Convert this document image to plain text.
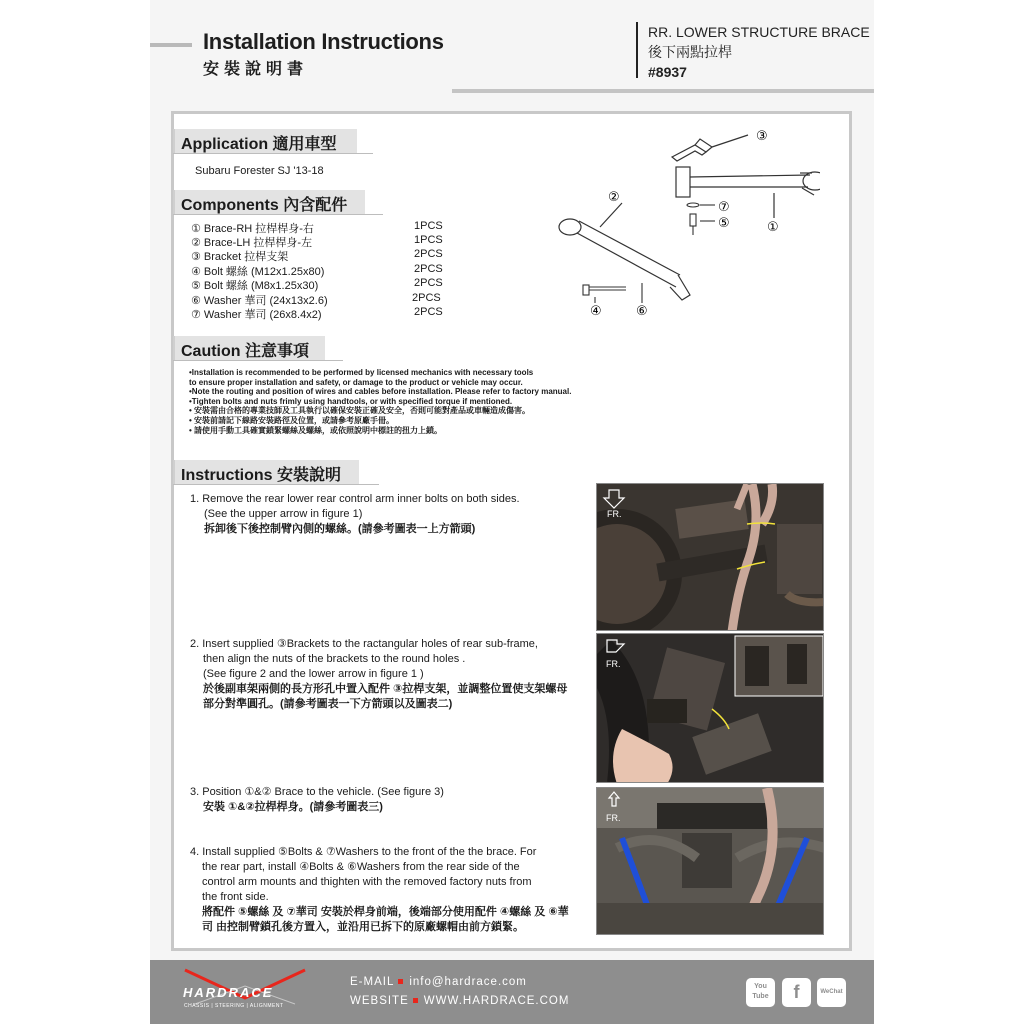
Installation Instructions
安裝說明書
RR. LOWER STRUCTURE BRACE
後下兩點拉桿
#8937
Application 適用車型
Subaru Forester SJ '13-18
Components 內含配件
① Brace-RH 拉桿桿身-右	1PCS
② Brace-LH 拉桿桿身-左	1PCS
③ Bracket 拉桿支架	2PCS
④ Bolt 螺絲 (M12x1.25x80)	2PCS
⑤ Bolt 螺絲 (M8x1.25x30)	2PCS
⑥ Washer 華司 (24x13x2.6)	2PCS
⑦ Washer 華司 (26x8.4x2)	2PCS
③
②
⑦
⑤	①
④	⑥
Caution 注意事項
•Installation is recommended to be performed by licensed mechanics with necessary tools
to ensure proper installation and safety, or damage to the product or vehicle may occur.
•Note the routing and position of wires and cables before installation. Please refer to factory manual.
•Tighten bolts and nuts frimly using handtools, or with specified torque if mentioned.
• 安裝需由合格的專業技師及工具執行以確保安裝正確及安全，否則可能對產品或車輛造成傷害。
• 安裝前請記下線路安裝路徑及位置，或請參考原廠手冊。
• 請使用手動工具確實鎖緊螺絲及螺絲，或依照說明中標註的扭力上鎖。
Instructions 安裝說明
1. Remove the rear lower rear control arm inner bolts on both sides.
(See the upper arrow in figure 1)
拆卸後下後控制臂內側的螺絲。(請參考圖表一上方箭頭)
2. Insert supplied ③Brackets to the ractangular holes of rear sub-frame,
then align the nuts of the brackets to the round holes .
(See figure 2 and the lower arrow in figure 1 )
於後副車架兩側的長方形孔中置入配件 ③拉桿支架，並調整位置使支架螺母
部分對準圓孔。(請參考圖表一下方箭頭以及圖表二)
3. Position ①&② Brace to the vehicle. (See figure 3)
安裝 ①&②拉桿桿身。(請參考圖表三)
4. Install supplied ⑤Bolts & ⑦Washers to the front of the the brace. For
the rear part, install ④Bolts & ⑥Washers from the rear side of the
control arm mounts and thighten with the removed factory nuts from
the front side.
將配件 ⑤螺絲 及 ⑦華司 安裝於桿身前端，後端部分使用配件 ④螺絲 及 ⑥華
司 由控制臂鎖孔後方置入，並沿用已拆下的原廠螺帽由前方鎖緊。
FR.
FR.
FR.
HARDRACE
CHASSIS | STEERING | ALIGNMENT
E-MAIL info@hardrace.com
WEBSITE WWW.HARDRACE.COM
You Tube	f	WeChat
